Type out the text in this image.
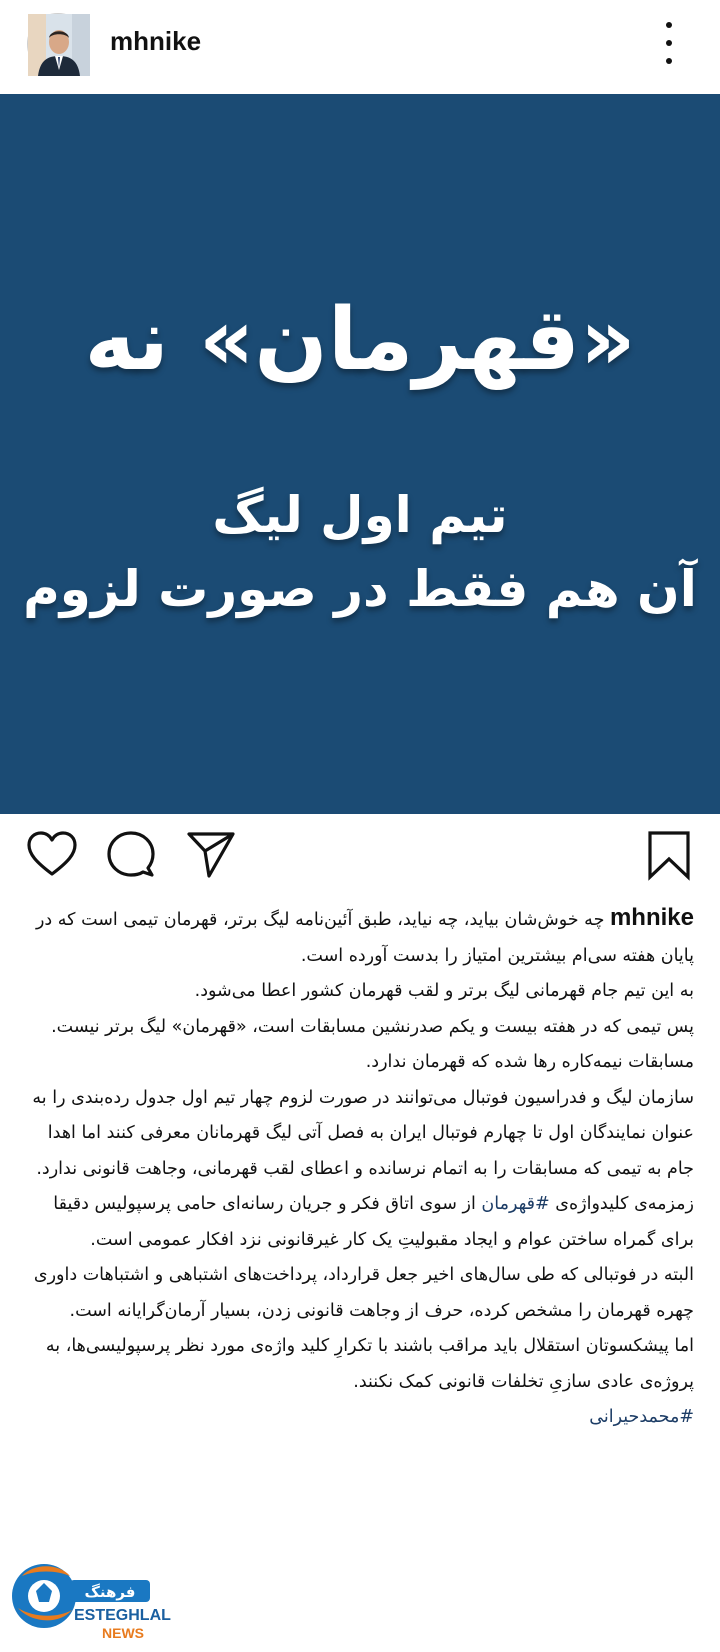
mhnike
«قهرمان» نه
تیم اول لیگ
آن هم فقط در صورت لزوم

mhnike چه خوش‌شان بیاید، چه نیاید، طبق آئین‌نامه لیگ برتر، قهرمان تیمی است که در پایان هفته سی‌ام بیشترین امتیاز را بدست آورده است.

به این تیم جام قهرمانی لیگ برتر و لقب قهرمان کشور اعطا می‌شود.

پس تیمی که در هفته بیست و یکم صدرنشین مسابقات است، «قهرمان» لیگ برتر نیست.

مسابقات نیمه‌کاره رها شده که قهرمان ندارد.

سازمان لیگ و فدراسیون فوتبال می‌توانند در صورت لزوم چهار تیم اول جدول رده‌بندی را به عنوان نمایندگان اول تا چهارم فوتبال ایران به فصل آتی لیگ قهرمانان معرفی کنند اما اهدا جام به تیمی که مسابقات را به اتمام نرسانده و اعطای لقب قهرمانی، وجاهت قانونی ندارد.

زمزمه‌ی کلیدواژه‌ی #قهرمان از سوی اتاق فکر و جریان رسانه‌ای حامی پرسپولیس دقیقا برای گمراه ساختن عوام و ایجاد مقبولیتِ یک کار غیرقانونی نزد افکار عمومی است.

البته در فوتبالی که طی سال‌های اخیر جعل قرارداد، پرداخت‌های اشتباهی و اشتباهات داوری چهره قهرمان را مشخص کرده، حرف از وجاهت قانونی زدن، بسیار آرمان‌گرایانه است.

اما پیشکسوتان استقلال باید مراقب باشند با تکرارِ کلید واژه‌ی مورد نظر پرسپولیسی‌ها، به پروژه‌ی عادی سازیِ تخلفات قانونی کمک نکنند.

#محمدحیرانی

فرهنگ
ESTEGHLAL
NEWS
